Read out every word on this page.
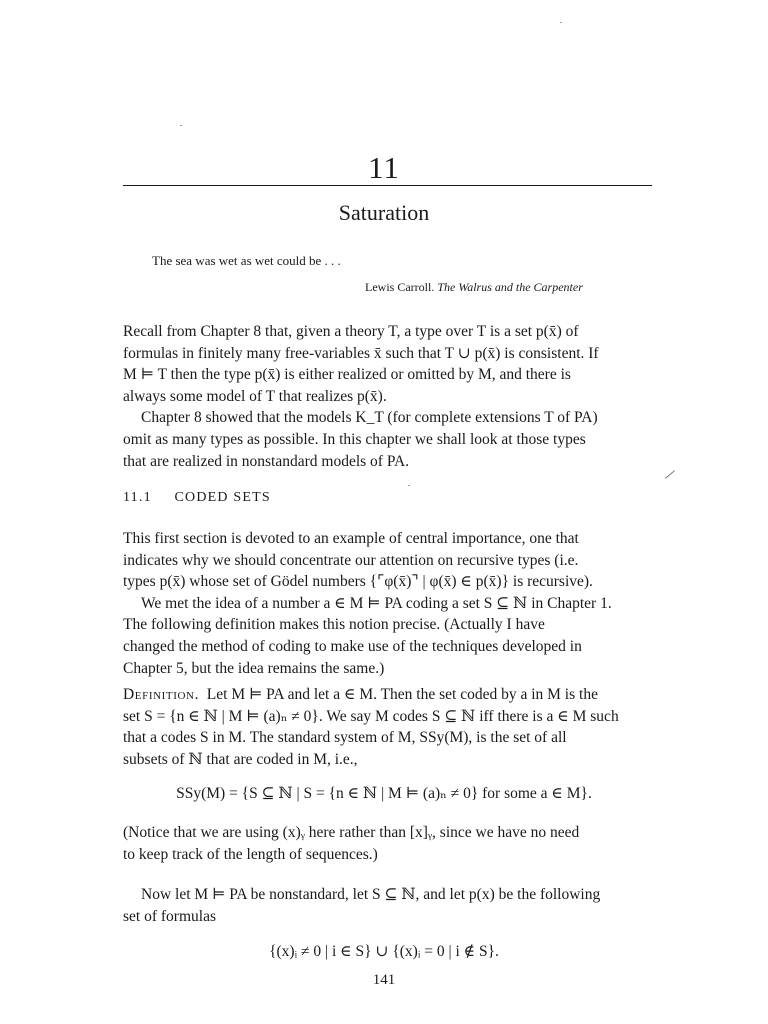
11
Saturation
The sea was wet as wet could be . . .
Lewis Carroll. The Walrus and the Carpenter

Recall from Chapter 8 that, given a theory T, a type over T is a set p(x̄) of
formulas in finitely many free-variables x̄ such that T ∪ p(x̄) is consistent. If
M ⊨ T then the type p(x̄) is either realized or omitted by M, and there is
always some model of T that realizes p(x̄).
Chapter 8 showed that the models K_T (for complete extensions T of PA)
omit as many types as possible. In this chapter we shall look at those types
that are realized in nonstandard models of PA.

11.1 CODED SETS

This first section is devoted to an example of central importance, one that
indicates why we should concentrate our attention on recursive types (i.e.
types p(x̄) whose set of Gödel numbers {⌜φ(x̄)⌝ | φ(x̄) ∈ p(x̄)} is recursive).
We met the idea of a number a ∈ M ⊨ PA coding a set S ⊆ ℕ in Chapter 1.
The following definition makes this notion precise. (Actually I have
changed the method of coding to make use of the techniques developed in
Chapter 5, but the idea remains the same.)

Definition. Let M ⊨ PA and let a ∈ M. Then the set coded by a in M is the
set S = {n ∈ ℕ | M ⊨ (a)ₙ ≠ 0}. We say M codes S ⊆ ℕ iff there is a ∈ M such
that a codes S in M. The standard system of M, SSy(M), is the set of all
subsets of ℕ that are coded in M, i.e.,

SSy(M) = {S ⊆ ℕ | S = {n ∈ ℕ | M ⊨ (a)ₙ ≠ 0} for some a ∈ M}.

(Notice that we are using (x)ᵧ here rather than [x]ᵧ, since we have no need
to keep track of the length of sequences.)

Now let M ⊨ PA be nonstandard, let S ⊆ ℕ, and let p(x) be the following
set of formulas

{(x)ᵢ ≠ 0 | i ∈ S} ∪ {(x)ᵢ = 0 | i ∉ S}.
141
